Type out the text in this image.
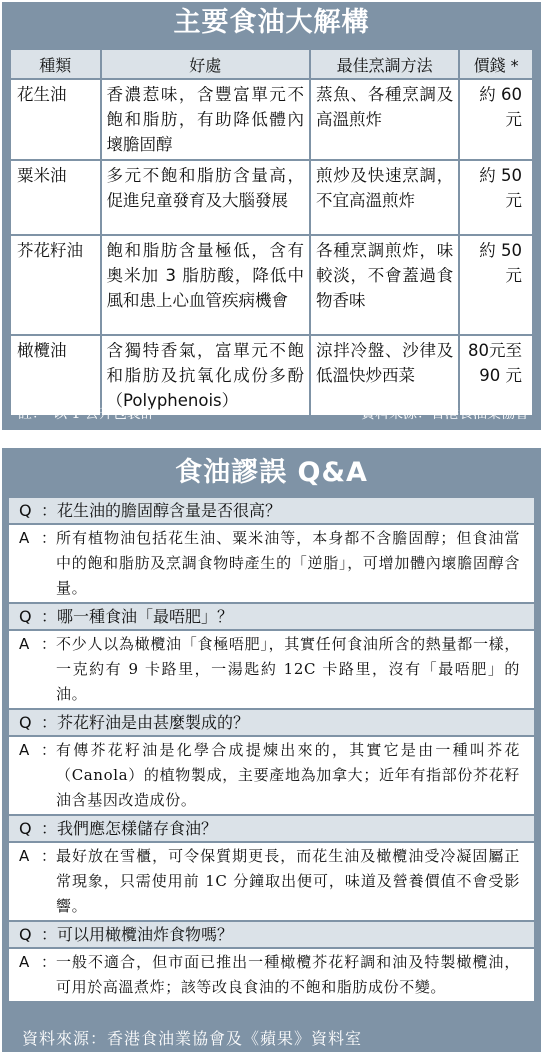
主要食油大解構
種類	好處	最佳烹調方法	價錢 *
花生油	香濃惹味，含豐富單元不飽和脂肪，有助降低體內壞膽固醇	蒸魚、各種烹調及高溫煎炸	約 60 元
粟米油	多元不飽和脂肪含量高，促進兒童發育及大腦發展	煎炒及快速烹調，不宜高溫煎炸	約 50 元
芥花籽油	飽和脂肪含量極低，含有奧米加 3 脂肪酸，降低中風和患上心血管疾病機會	各種烹調煎炸，味較淡，不會蓋過食物香味	約 50 元
橄欖油	含獨特香氣，富單元不飽和脂肪及抗氧化成份多酚（Polyphenois）	涼拌冷盤、沙律及低溫快炒西菜	80元至 90 元
註：*以 1 公升包裝計	資料來源：香港食油業協會
食油謬誤 Q&A
Q ： 花生油的膽固醇含量是否很高？
A ： 所有植物油包括花生油、粟米油等，本身都不含膽固醇；但食油當中的飽和脂肪及烹調食物時產生的「逆脂」，可增加體內壞膽固醇含量。
Q ： 哪一種食油「最唔肥」？
A ： 不少人以為橄欖油「食極唔肥」，其實任何食油所含的熱量都一樣，一克約有 9 卡路里，一湯匙約 12C 卡路里，沒有「最唔肥」的油。
Q ： 芥花籽油是由甚麼製成的？
A ： 有傳芥花籽油是化學合成提煉出來的，其實它是由一種叫芥花（Canola）的植物製成，主要產地為加拿大；近年有指部份芥花籽油含基因改造成份。
Q ： 我們應怎樣儲存食油？
A ： 最好放在雪櫃，可令保質期更長，而花生油及橄欖油受冷凝固屬正常現象，只需使用前 1C 分鐘取出便可，味道及營養價值不會受影響。
Q ： 可以用橄欖油炸食物嗎？
A ： 一般不適合，但市面已推出一種橄欖芥花籽調和油及特製橄欖油，可用於高溫煮炸；該等改良食油的不飽和脂肪成份不變。
資料來源：香港食油業協會及《蘋果》資料室
